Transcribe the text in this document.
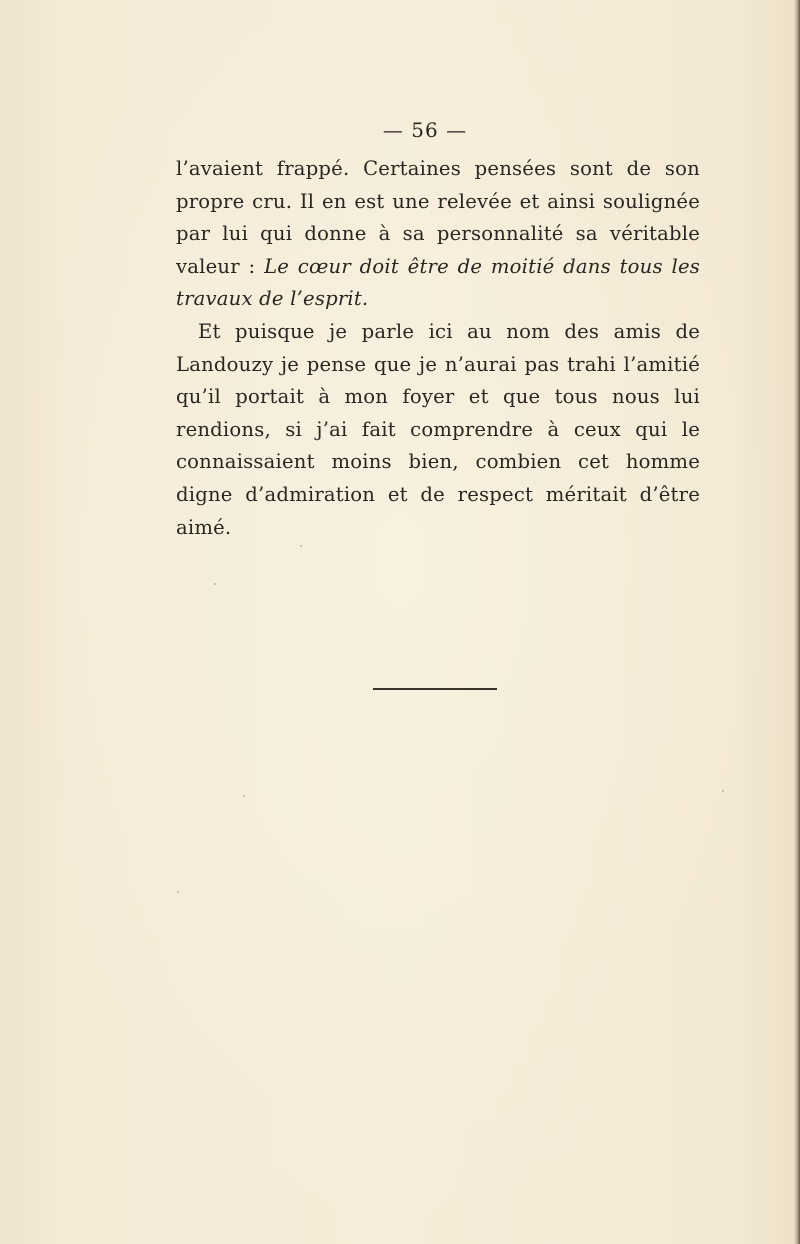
— 56 —

l’avaient frappé. Certaines pensées sont de son propre cru. Il en est une relevée et ainsi soulignée par lui qui donne à sa personnalité sa véritable valeur : Le cœur doit être de moitié dans tous les travaux de l’esprit.

Et puisque je parle ici au nom des amis de Landouzy je pense que je n’aurai pas trahi l’amitié qu’il portait à mon foyer et que tous nous lui rendions, si j’ai fait comprendre à ceux qui le connaissaient moins bien, combien cet homme digne d’admiration et de respect méritait d’être aimé.
